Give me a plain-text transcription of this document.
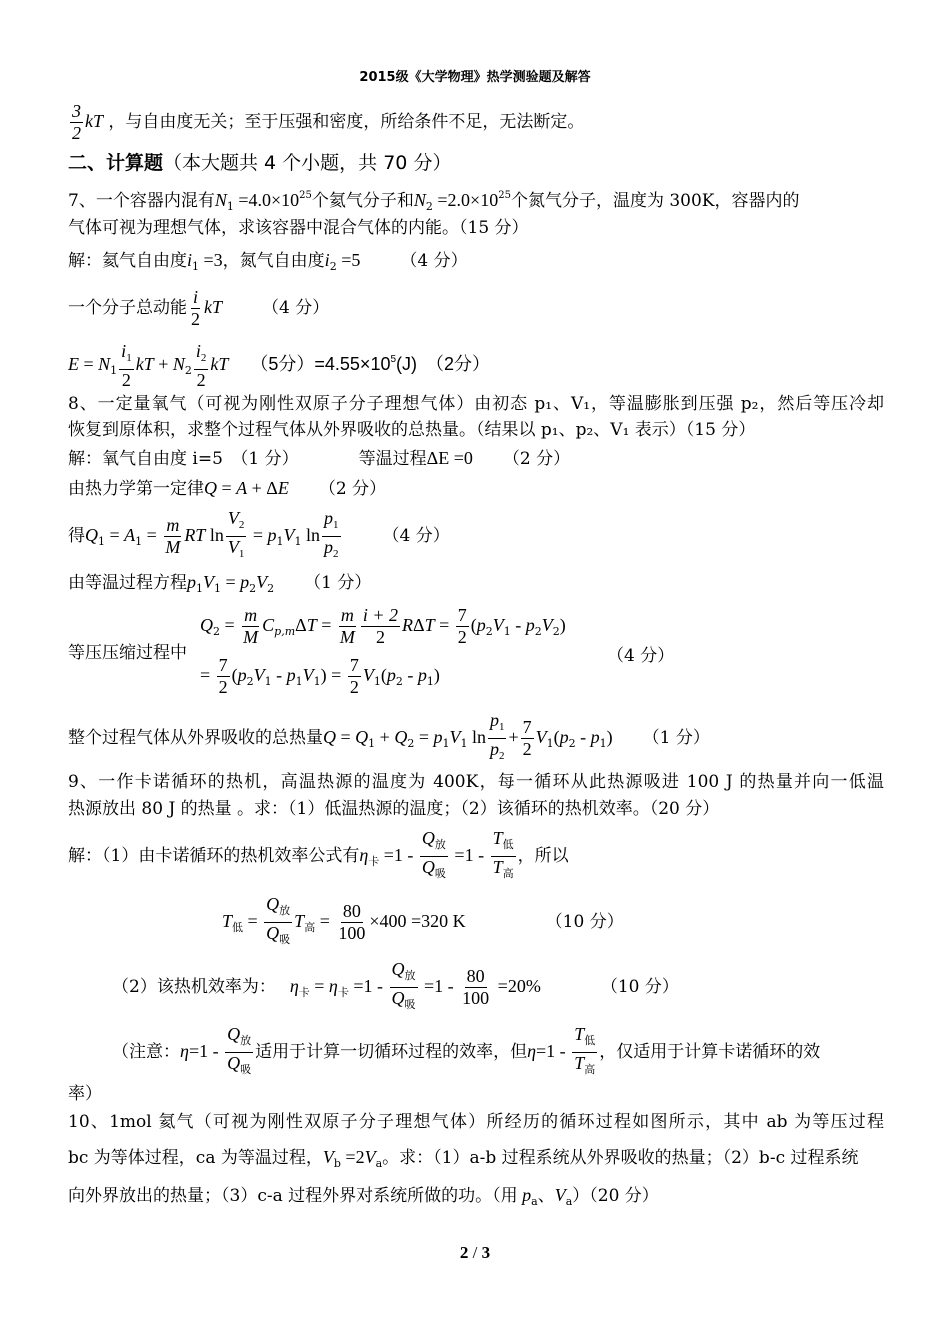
2015级《大学物理》热学测验题及解答
$\frac{3}{2}$ kT ，与自由度无关；至于压强和密度，所给条件不足，无法断定。
二、计算题（本大题共 4 个小题，共 70 分）
7、一个容器内混有$N_1 =4.0\times 10^{25}$个氦气分子和$N_2 =2.0\times 10^{25}$个氮气分子，温度为 300K，容器内的
气体可视为理想气体，求该容器中混合气体的内能。（15 分）
解：氦气自由度$i_1 =3$，氮气自由度$i_2 =5$ （4 分）
一个分子总动能 $\frac{i}{2}$ kT （4 分）
$E = N_1 \frac{i_1}{2}$ kT + $N_2 \frac{i_2}{2}$ kT （5分）$=4.55\times 10^5(J)$　（2分）
8、一定量氧气（可视为刚性双原子分子理想气体）由初态 p₁、V₁，等温膨胀到压强 p₂，然后等压冷却
恢复到原体积，求整个过程气体从外界吸收的总热量。（结果以 p₁、p₂、V₁ 表示）（15 分）
解：氧气自由度 i=5　（1 分）	等温过程ΔE =0 （2 分）
由热力学第一定律Q = A + ΔE （2 分）
得$Q_1 = A_1 = \frac{m}{M}$ RT $\ln \frac{V_2}{V_1} = p_1V_1$ $\ln \frac{p_1}{p_2} (4$ 分）
由等温过程方程$p_1V_1 = p_2V_2$ （1 分）
等压压缩过程中
$Q_2 = \frac{m}{M} C_{p,m}\Delta T = \frac{m}{M} \frac{i + 2}{2}$ $R\Delta T = \frac{7}{2} (p_2V_1 - p_2V_2)$
= $\frac{7}{2} (p_2V_1 - p_1V_1) = \frac{7}{2} V_1(p_2 - p_1)$
（4 分）
整个过程气体从外界吸收的总热量$Q = Q_1 + Q_2 = p_1V_1$ $\ln \frac{p_1}{p_2} + \frac{7}{2} V_1(p_2 - p_1)$ （1 分）
9、一作卡诺循环的热机，高温热源的温度为 400K，每一循环从此热源吸进 100 J 的热量并向一低温
热源放出 80 J 的热量 。求：（1）低温热源的温度；（2）该循环的热机效率。（20 分）
解：（1）由卡诺循环的热机效率公式有$\eta_卡 =1$ -
$Q_放$
$Q_吸$
=1 -
$T_低$
$T_高$
，所以
$T_低$ =
$Q_放$
$Q_吸$
$T_高 = \frac{80}{100} \times 400 =320$ K	（10 分）
（2）该热机效率为： $\eta_卡 = \eta_卡 =1$ -
$Q_放$
$Q_吸$
$=1 - \frac{80}{100} =20\%$	（10 分）
（注意：η=1 -
$Q_放$
$Q_吸$
适用于计算一切循环过程的效率，但η=1 -
$T_低$
$T_高$
，仅适用于计算卡诺循环的效
率）
10、1mol 氦气（可视为刚性双原子分子理想气体）所经历的循环过程如图所示，其中 ab 为等压过程
bc 为等体过程，ca 为等温过程，$V_b =2V_a$。求：（1）a-b 过程系统从外界吸收的热量；（2）b-c 过程系统
向外界放出的热量；（3）c-a 过程外界对系统所做的功。（用 $p_a$、$V_a)(20$ 分）
2 / 3
